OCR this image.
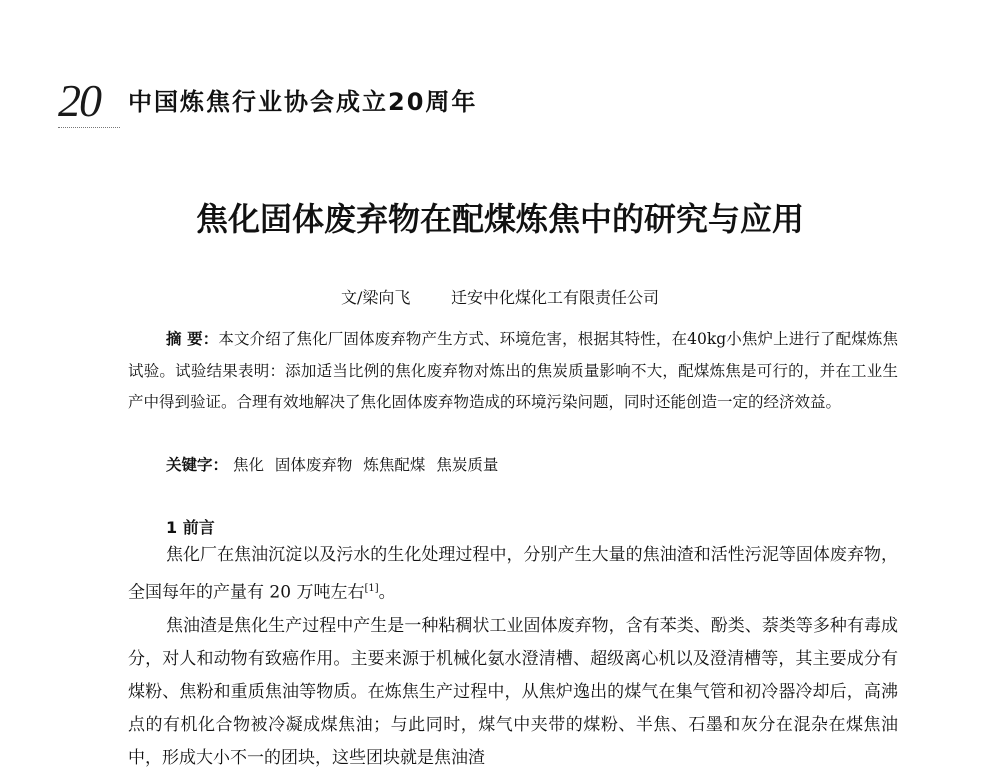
20 中国炼焦行业协会成立20周年
焦化固体废弃物在配煤炼焦中的研究与应用
文/梁向飞        迁安中化煤化工有限责任公司

摘 要：本文介绍了焦化厂固体废弃物产生方式、环境危害，根据其特性，在40kg小焦炉上进行了配煤炼焦试验。试验结果表明：添加适当比例的焦化废弃物对炼出的焦炭质量影响不大，配煤炼焦是可行的，并在工业生产中得到验证。合理有效地解决了焦化固体废弃物造成的环境污染问题，同时还能创造一定的经济效益。

关键字： 焦化 固体废弃物 炼焦配煤 焦炭质量
1 前言

焦化厂在焦油沉淀以及污水的生化处理过程中，分别产生大量的焦油渣和活性污泥等固体废弃物，全国每年的产量有 20 万吨左右[1]。

焦油渣是焦化生产过程中产生是一种粘稠状工业固体废弃物，含有苯类、酚类、萘类等多种有毒成分，对人和动物有致癌作用。主要来源于机械化氨水澄清槽、超级离心机以及澄清槽等，其主要成分有煤粉、焦粉和重质焦油等物质。在炼焦生产过程中，从焦炉逸出的煤气在集气管和初冷器冷却后，高沸点的有机化合物被冷凝成煤焦油；与此同时，煤气中夹带的煤粉、半焦、石墨和灰分在混杂在煤焦油中，形成大小不一的团块，这些团块就是焦油渣
